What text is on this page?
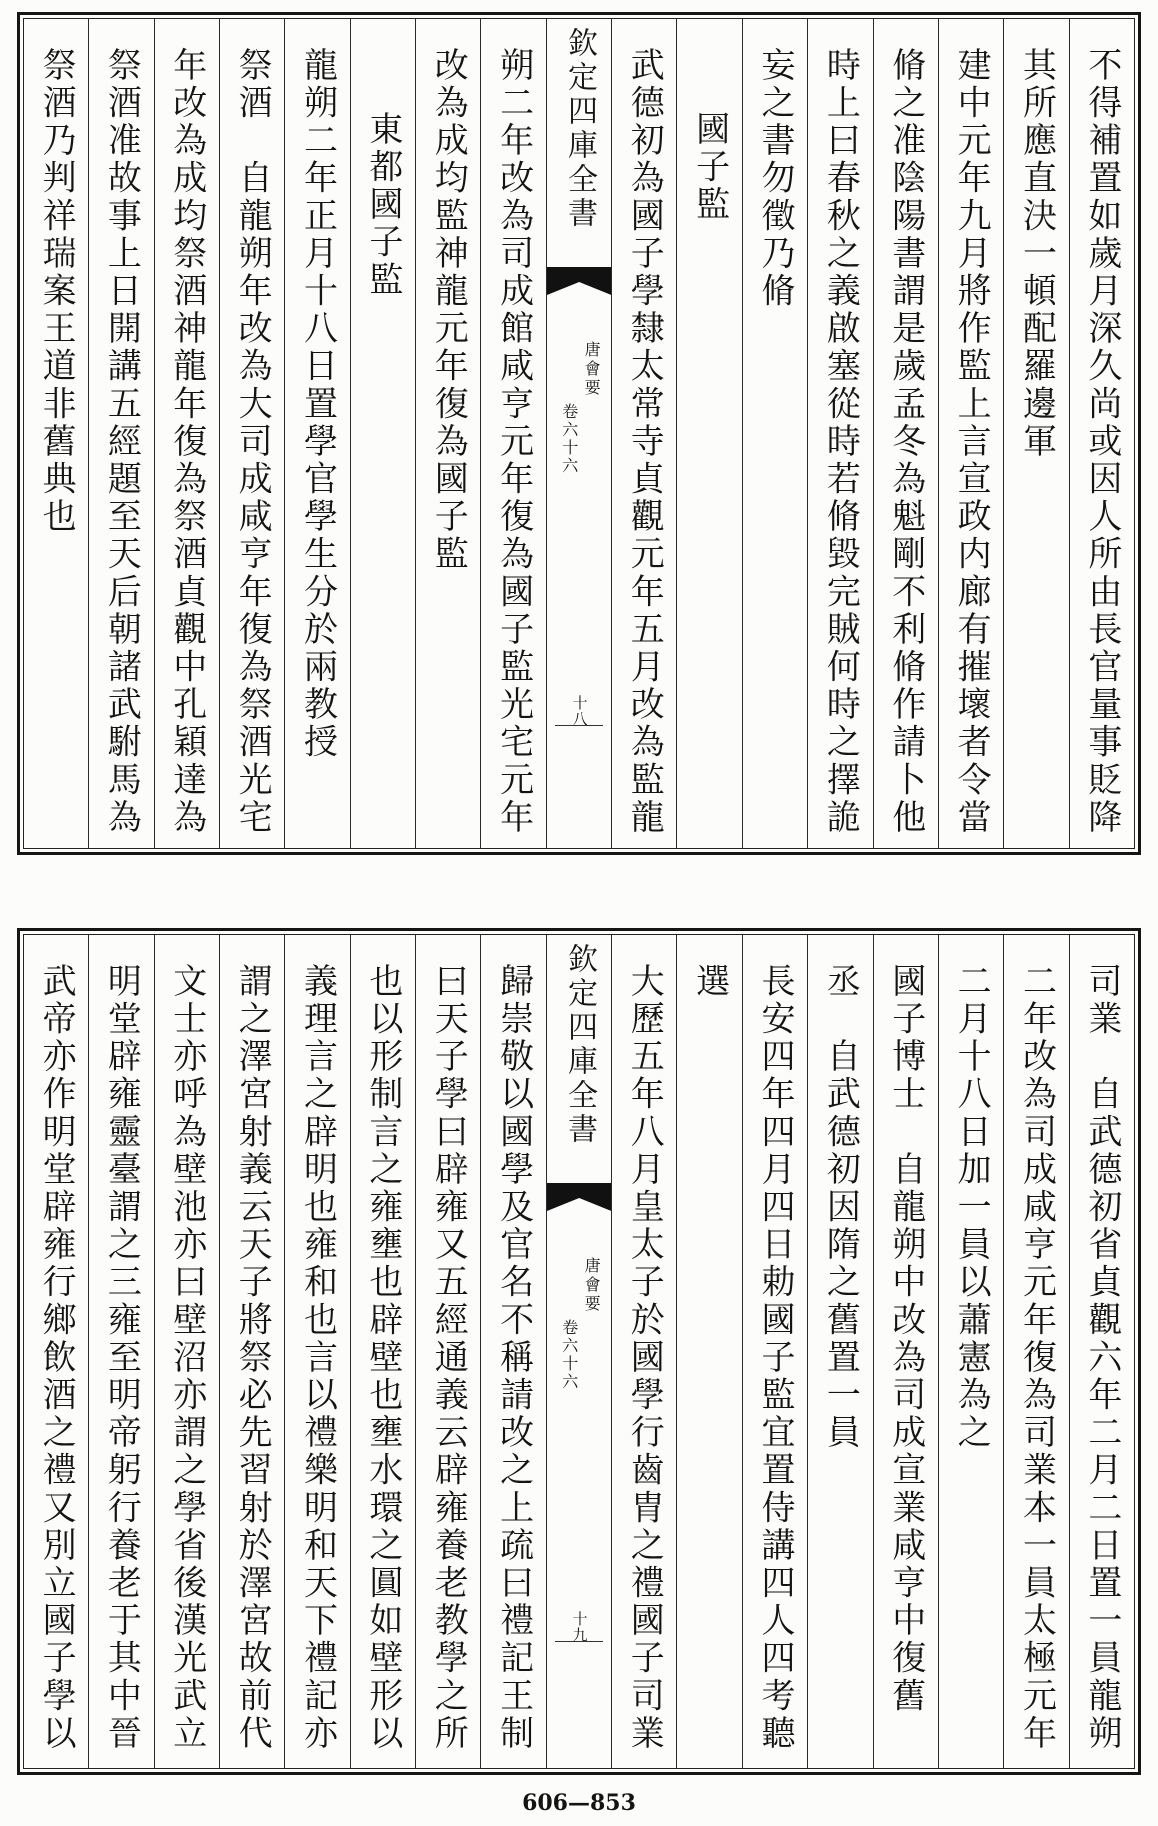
不得補置如歲月深久尚或因人所由長官量事貶降
其所應直決一頓配羅邊軍
建中元年九月將作監上言宣政内廊有摧壞者令當
脩之准陰陽書謂是歲孟冬為魁剛不利脩作請卜他
時上曰春秋之義啟塞從時若脩毀完賊何時之擇詭
妄之書勿徵乃脩
國子監
武德初為國子學隸太常寺貞觀元年五月改為監龍
欽定四庫全書
唐會要
卷六十六
十八
朔二年改為司成館咸亨元年復為國子監光宅元年
改為成均監神龍元年復為國子監
東都國子監
龍朔二年正月十八日置學官學生分於兩教授
祭酒　自龍朔年改為大司成咸亨年復為祭酒光宅
年改為成均祭酒神龍年復為祭酒貞觀中孔穎達為
祭酒准故事上日開講五經題至天后朝諸武駙馬為
祭酒乃判祥瑞案王道非舊典也
司業　自武德初省貞觀六年二月二日置一員龍朔
二年改為司成咸亨元年復為司業本一員太極元年
二月十八日加一員以蕭憲為之
國子博士　自龍朔中改為司成宣業咸亨中復舊
丞　自武德初因隋之舊置一員
長安四年四月四日勅國子監宜置侍講四人四考聽
選
大歷五年八月皇太子於國學行齒胄之禮國子司業
欽定四庫全書
唐會要
卷六十六
十九
歸崇敬以國學及官名不稱請改之上疏曰禮記王制
曰天子學曰辟雍又五經通義云辟雍養老教學之所
也以形制言之雍壅也辟壁也壅水環之圓如壁形以
義理言之辟明也雍和也言以禮樂明和天下禮記亦
謂之澤宮射義云天子將祭必先習射於澤宮故前代
文士亦呼為壁池亦曰壁沼亦謂之學省後漢光武立
明堂辟雍靈臺謂之三雍至明帝躬行養老于其中晉
武帝亦作明堂辟雍行鄉飲酒之禮又別立國子學以
606—853
